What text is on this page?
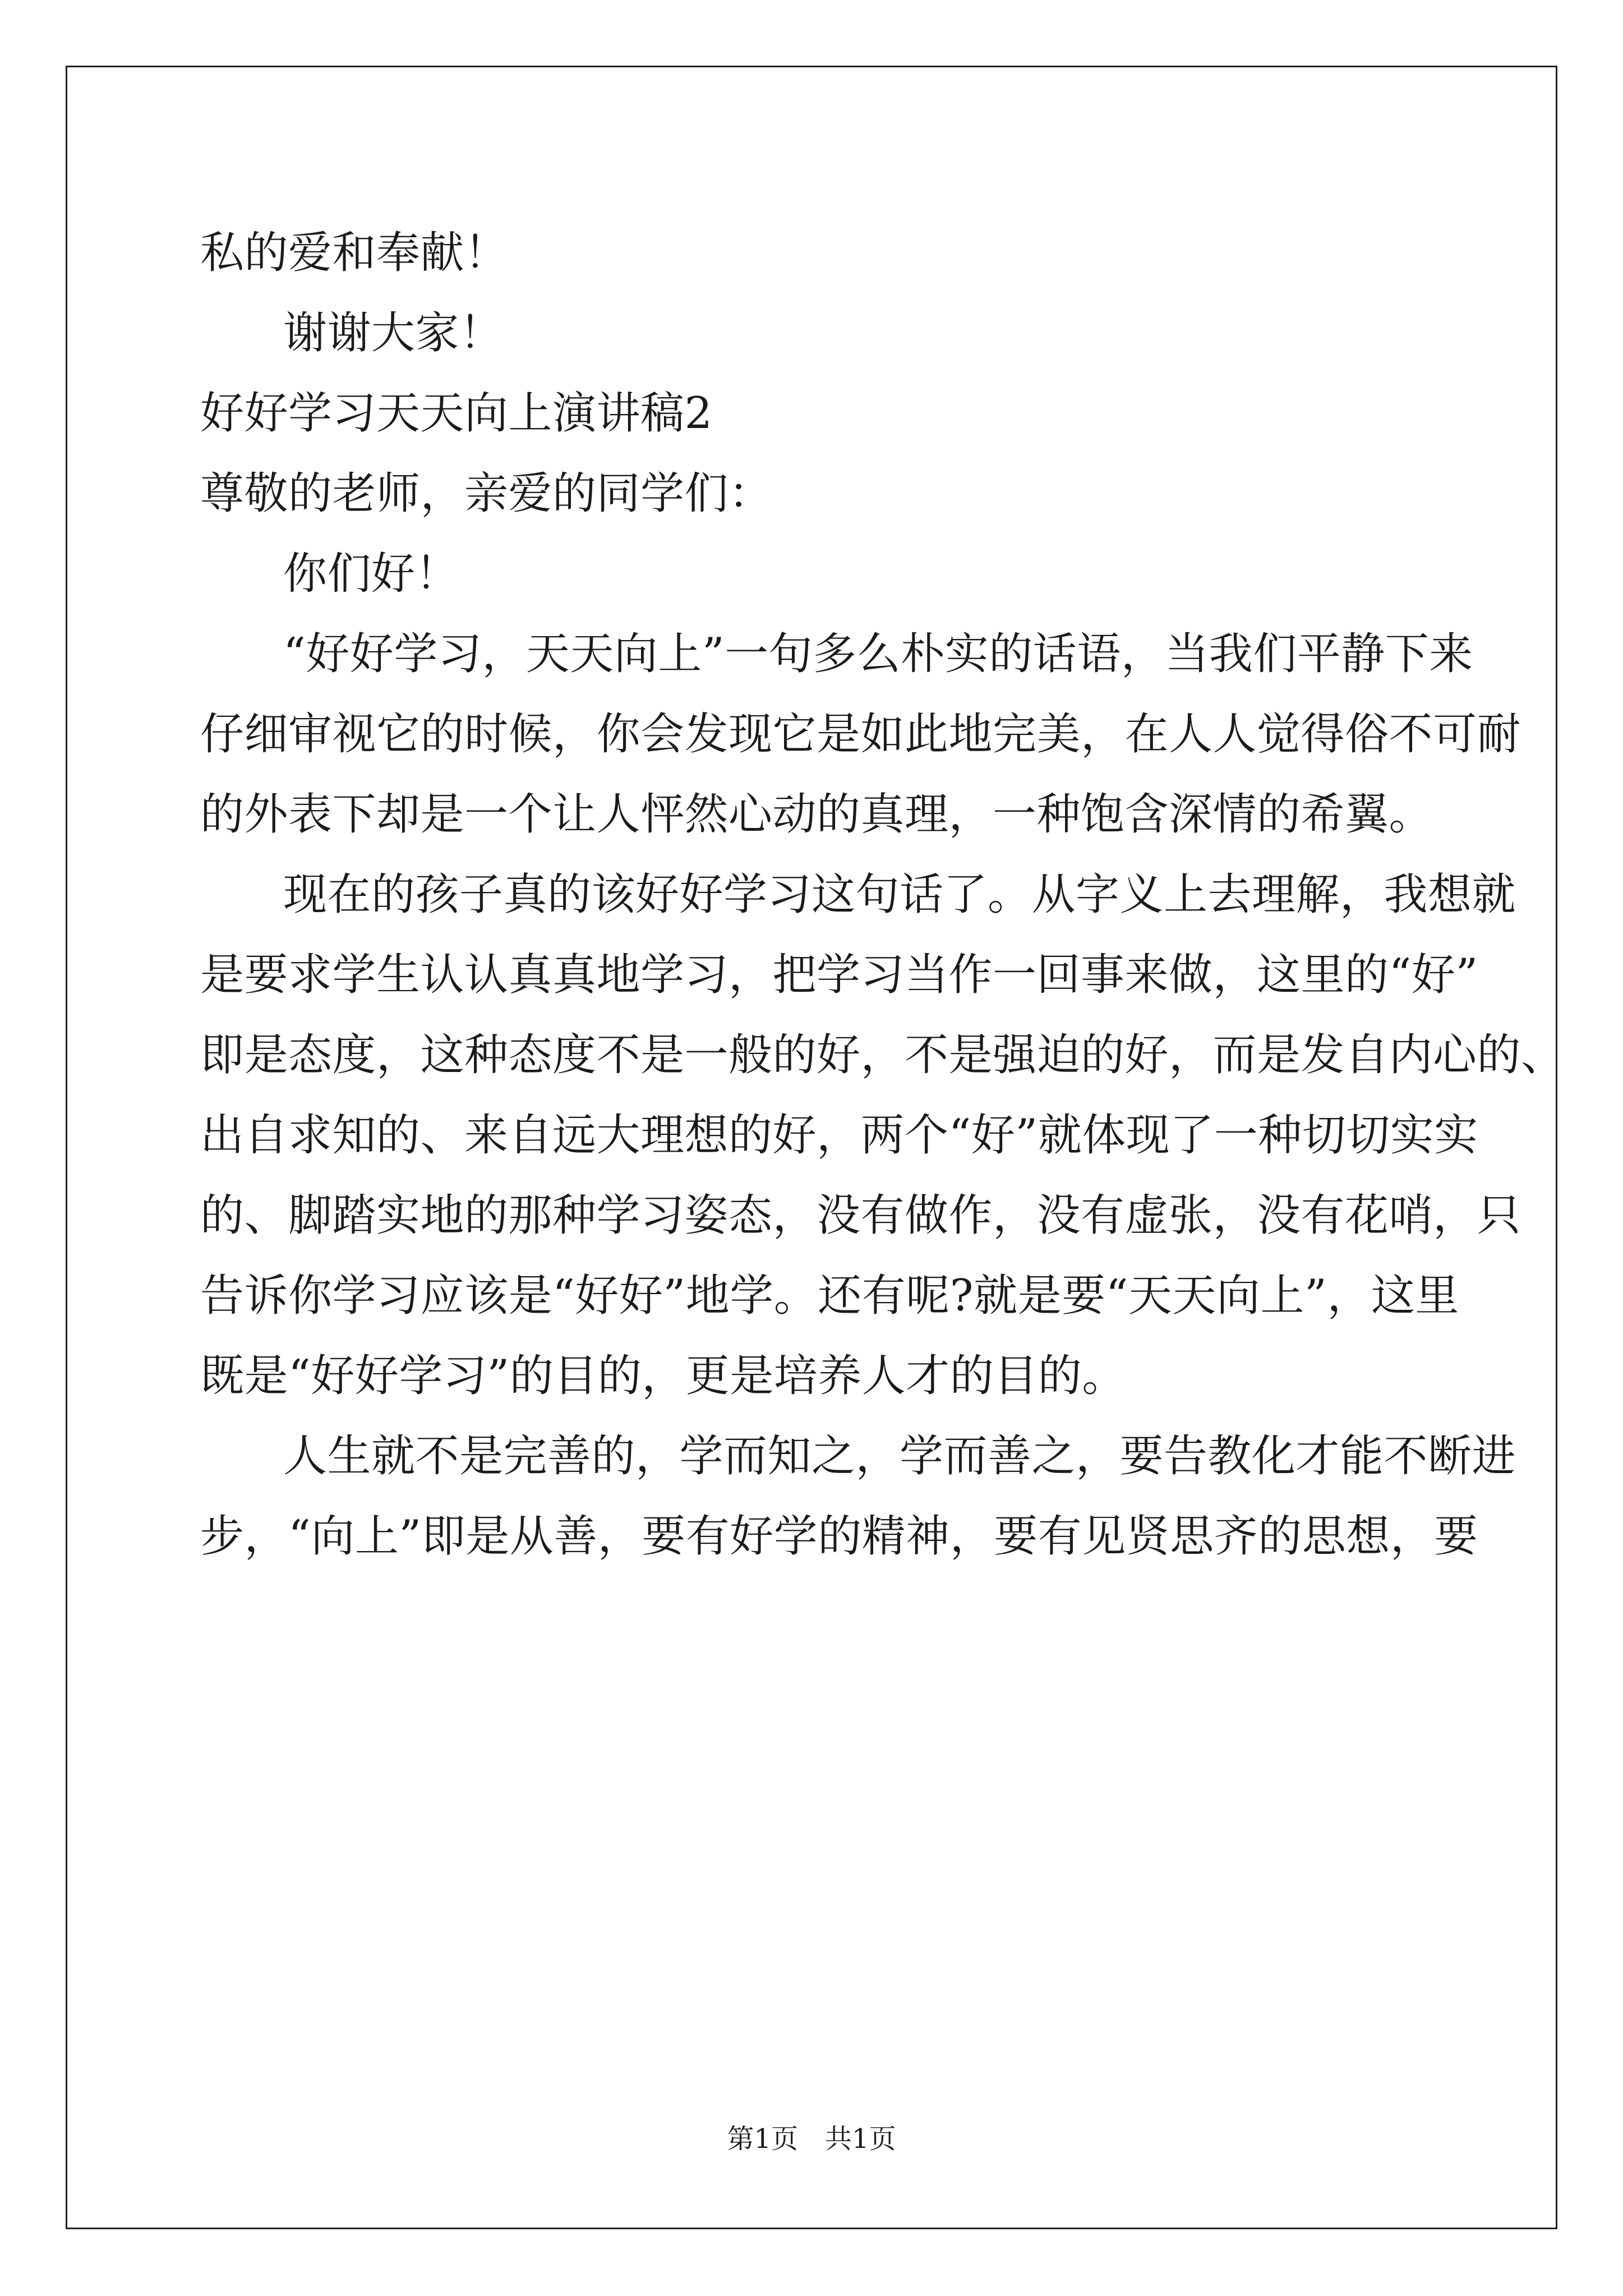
私的爱和奉献！
谢谢大家！
好好学习天天向上演讲稿2
尊敬的老师，亲爱的同学们：
你们好！
“好好学习，天天向上”一句多么朴实的话语，当我们平静下来
仔细审视它的时候，你会发现它是如此地完美，在人人觉得俗不可耐
的外表下却是一个让人怦然心动的真理，一种饱含深情的希翼。
现在的孩子真的该好好学习这句话了。从字义上去理解，我想就
是要求学生认认真真地学习，把学习当作一回事来做，这里的“好”
即是态度，这种态度不是一般的好，不是强迫的好，而是发自内心的、
出自求知的、来自远大理想的好，两个“好”就体现了一种切切实实
的、脚踏实地的那种学习姿态，没有做作，没有虚张，没有花哨，只
告诉你学习应该是“好好”地学。还有呢?就是要“天天向上”，这里
既是“好好学习”的目的，更是培养人才的目的。
人生就不是完善的，学而知之，学而善之，要告教化才能不断进
步，“向上”即是从善，要有好学的精神，要有见贤思齐的思想，要
第1页　共1页
